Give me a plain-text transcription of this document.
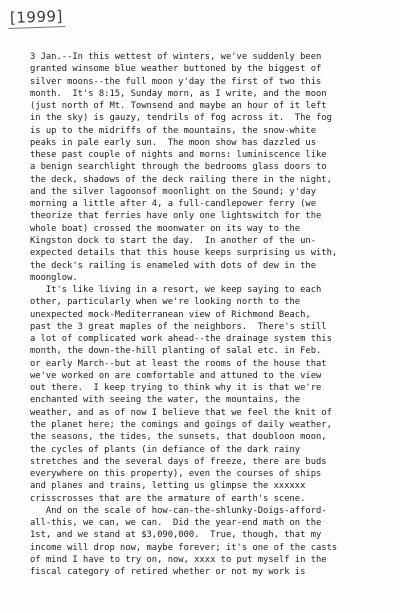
[1999]
3 Jan.--In this wettest of winters, we've suddenly been
granted winsome blue weather buttoned by the biggest of
silver moons--the full moon y'day the first of two this
month.  It's 8:15, Sunday morn, as I write, and the moon
(just north of Mt. Townsend and maybe an hour of it left
in the sky) is gauzy, tendrils of fog across it.  The fog
is up to the midriffs of the mountains, the snow-white
peaks in pale early sun.  The moon show has dazzled us
these past couple of nights and morns: luminiscence like
a benign searchlight through the bedrooms glass doors to
the deck, shadows of the deck railing there in the night,
and the silver lagoonsof moonlight on the Sound; y'day
morning a little after 4, a full-candlepower ferry (we
theorize that ferries have only one lightswitch for the
whole boat) crossed the moonwater on its way to the
Kingston dock to start the day.  In another of the un-
expected details that this house keeps surprising us with,
the deck's railing is enameled with dots of dew in the
moonglow.
It's like living in a resort, we keep saying to each
other, particularly when we're looking north to the
unexpected mock-Mediterranean view of Richmond Beach,
past the 3 great maples of the neighbors.  There's still
a lot of complicated work ahead--the drainage system this
month, the down-the-hill planting of salal etc. in Feb.
or early March--but at least the rooms of the house that
we've worked on are comfortable and attuned to the view
out there.  I keep trying to think why it is that we're
enchanted with seeing the water, the mountains, the
weather, and as of now I believe that we feel the knit of
the planet here; the comings and goings of daily weather,
the seasons, the tides, the sunsets, that doubloon moon,
the cycles of plants (in defiance of the dark rainy
stretches and the several days of freeze, there are buds
everywhere on this property), even the courses of ships
and planes and trains, letting us glimpse the xxxxxx
crisscrosses that are the armature of earth's scene.
And on the scale of how-can-the-shlunky-Doigs-afford-
all-this, we can, we can.  Did the year-end math on the
1st, and we stand at $3,090,000.  True, though, that my
income will drop now, maybe forever; it's one of the casts
of mind I have to try on, now, xxxx to put myself in the
fiscal category of retired whether or not my work is
